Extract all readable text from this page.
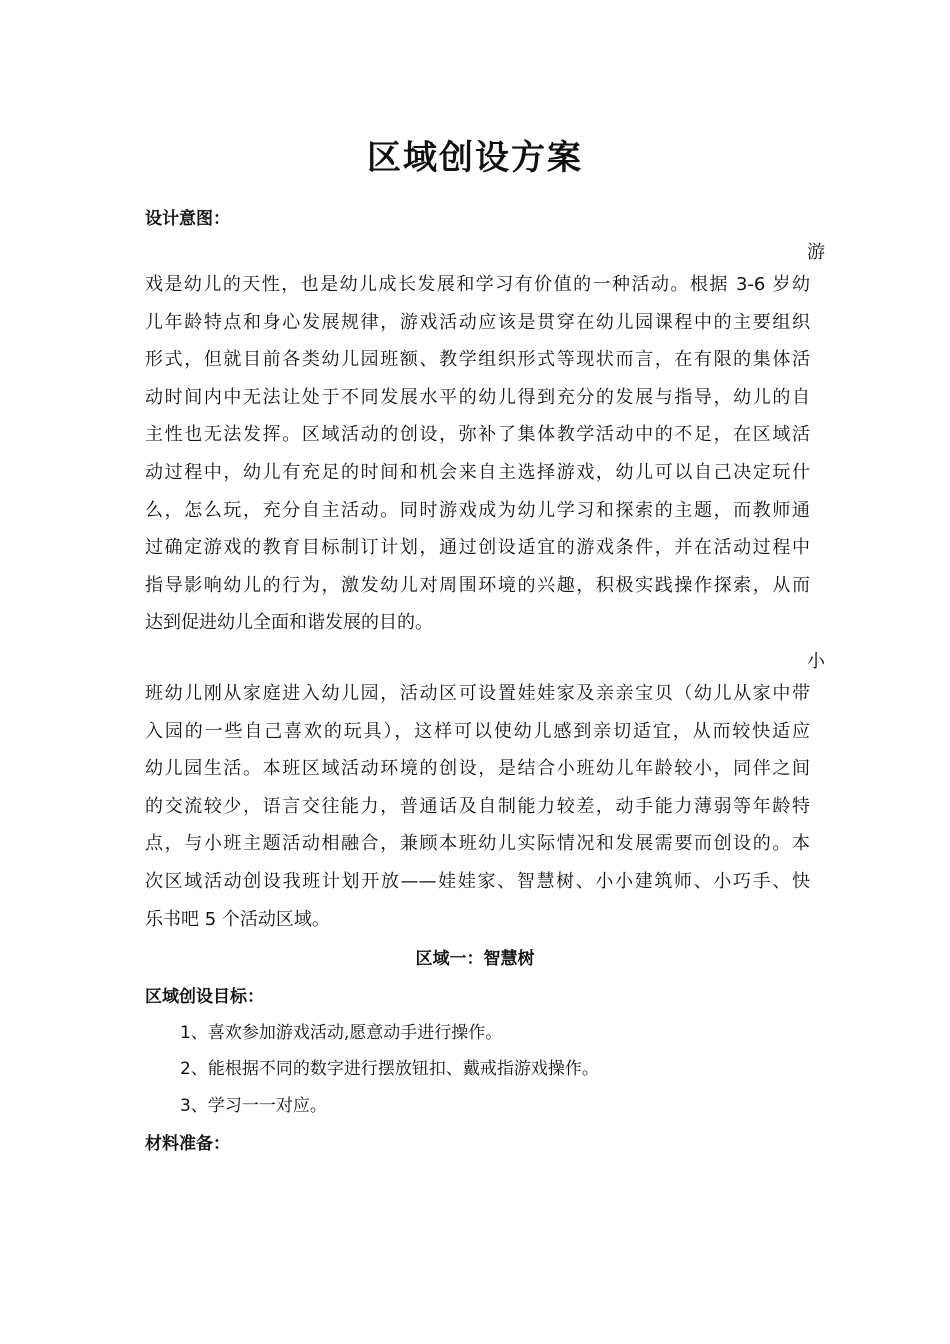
区域创设方案
设计意图：
游
戏是幼儿的天性，也是幼儿成长发展和学习有价值的一种活动。根据 3-6 岁幼
儿年龄特点和身心发展规律，游戏活动应该是贯穿在幼儿园课程中的主要组织
形式，但就目前各类幼儿园班额、教学组织形式等现状而言，在有限的集体活
动时间内中无法让处于不同发展水平的幼儿得到充分的发展与指导，幼儿的自
主性也无法发挥。区域活动的创设，弥补了集体教学活动中的不足，在区域活
动过程中，幼儿有充足的时间和机会来自主选择游戏，幼儿可以自己决定玩什
么，怎么玩，充分自主活动。同时游戏成为幼儿学习和探索的主题，而教师通
过确定游戏的教育目标制订计划，通过创设适宜的游戏条件，并在活动过程中
指导影响幼儿的行为，激发幼儿对周围环境的兴趣，积极实践操作探索，从而
达到促进幼儿全面和谐发展的目的。
小
班幼儿刚从家庭进入幼儿园，活动区可设置娃娃家及亲亲宝贝（幼儿从家中带
入园的一些自己喜欢的玩具），这样可以使幼儿感到亲切适宜，从而较快适应
幼儿园生活。本班区域活动环境的创设，是结合小班幼儿年龄较小，同伴之间
的交流较少，语言交往能力，普通话及自制能力较差，动手能力薄弱等年龄特
点，与小班主题活动相融合，兼顾本班幼儿实际情况和发展需要而创设的。本
次区域活动创设我班计划开放——娃娃家、智慧树、小小建筑师、小巧手、快
乐书吧 5 个活动区域。
区域一：智慧树
区域创设目标：
1、喜欢参加游戏活动,愿意动手进行操作。
2、能根据不同的数字进行摆放钮扣、戴戒指游戏操作。
3、学习一一对应。
材料准备：
